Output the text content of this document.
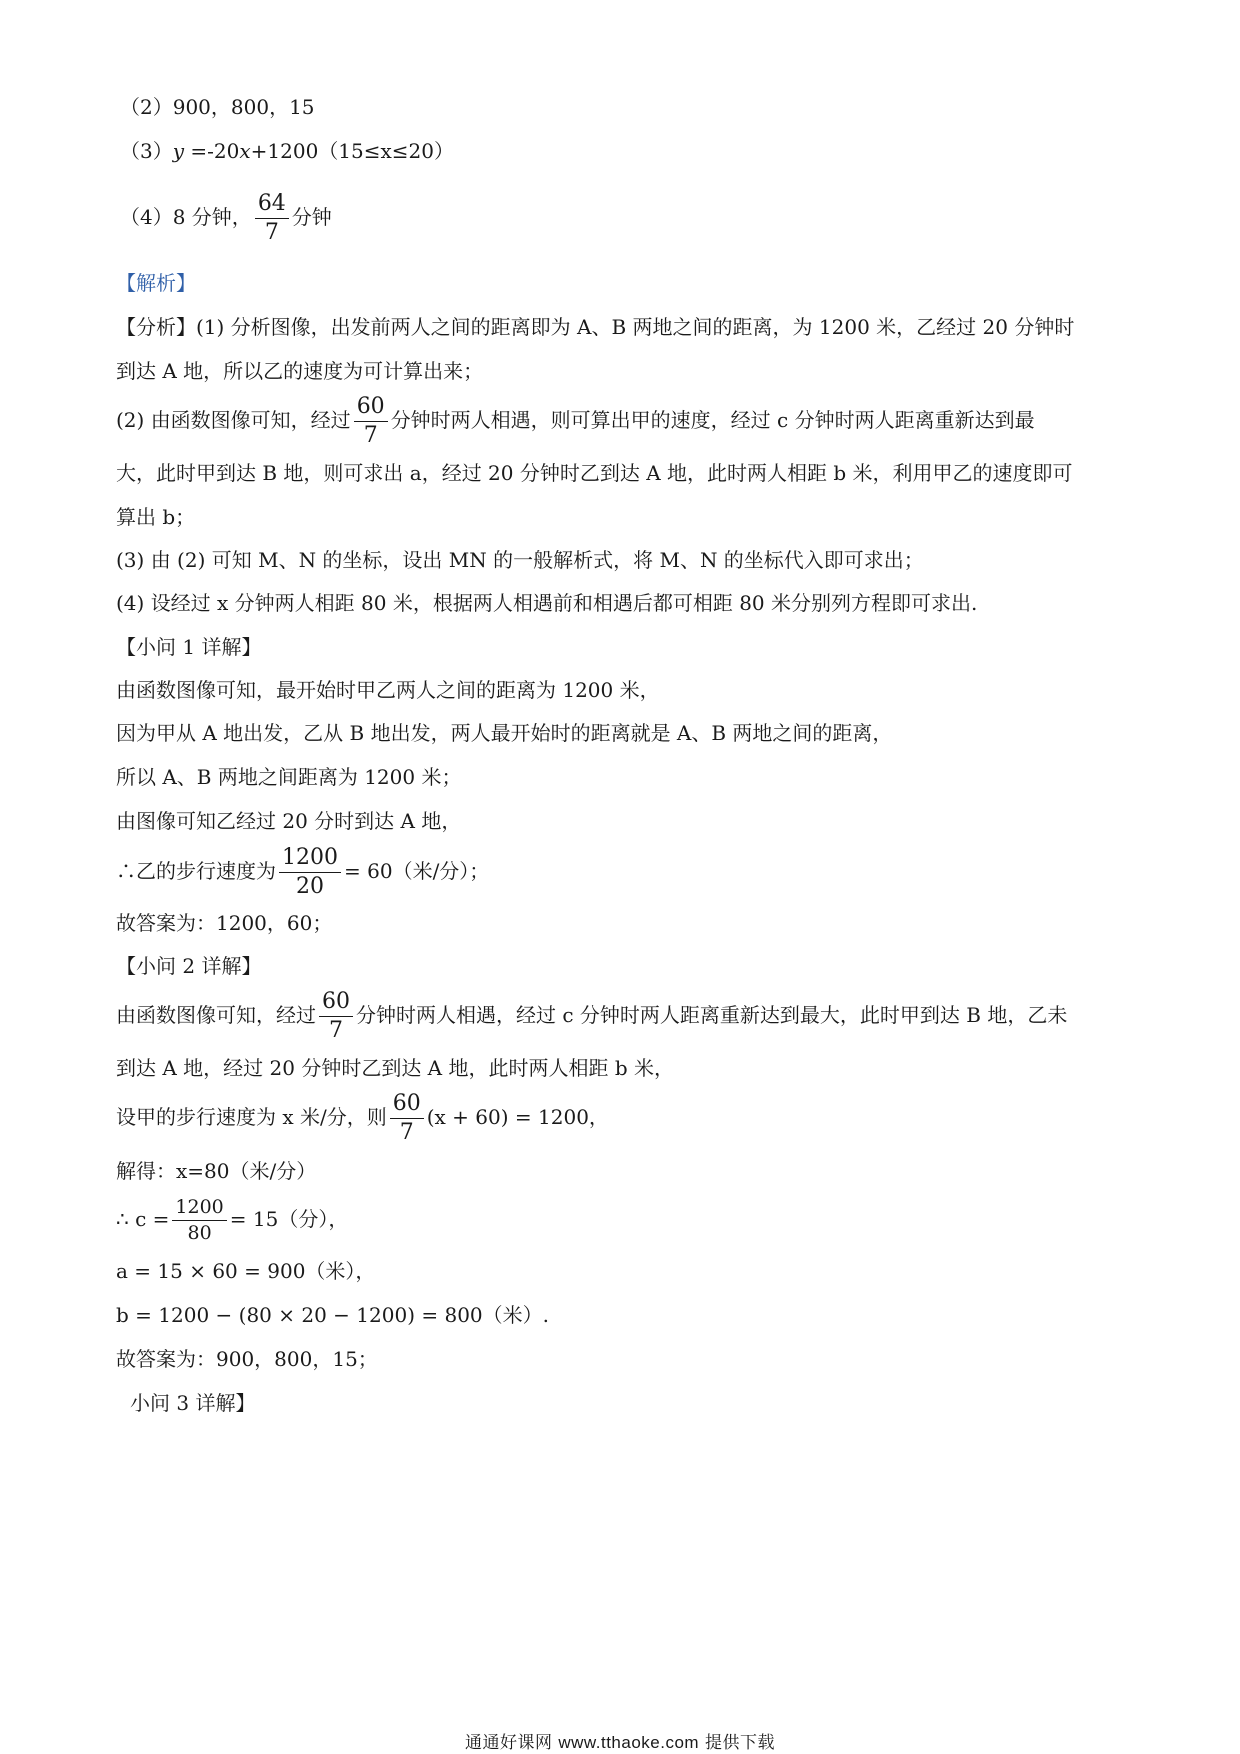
（2）900，800，15
（3）y =-20x+1200（15≤x≤20）
（4）8 分钟， $\frac{64}{7}$ 分钟
【解析】
【分析】(1) 分析图像，出发前两人之间的距离即为 A、B 两地之间的距离，为 1200 米，乙经过 20 分钟时
到达 A 地，所以乙的速度为可计算出来；
(2) 由函数图像可知，经过 $\frac{60}{7}$ 分钟时两人相遇，则可算出甲的速度，经过 c 分钟时两人距离重新达到最
大，此时甲到达 B 地，则可求出 a，经过 20 分钟时乙到达 A 地，此时两人相距 b 米，利用甲乙的速度即可
算出 b；
(3) 由 (2) 可知 M、N 的坐标，设出 MN 的一般解析式，将 M、N 的坐标代入即可求出；
(4) 设经过 x 分钟两人相距 80 米，根据两人相遇前和相遇后都可相距 80 米分别列方程即可求出.
【小问 1 详解】
由函数图像可知，最开始时甲乙两人之间的距离为 1200 米，
因为甲从 A 地出发，乙从 B 地出发，两人最开始时的距离就是 A、B 两地之间的距离，
所以 A、B 两地之间距离为 1200 米；
由图像可知乙经过 20 分时到达 A 地，
∴乙的步行速度为 $\frac{1200}{20} = 60$（米/分）；
故答案为：1200，60；
【小问 2 详解】
由函数图像可知，经过 $\frac{60}{7}$ 分钟时两人相遇，经过 c 分钟时两人距离重新达到最大，此时甲到达 B 地，乙未
到达 A 地，经过 20 分钟时乙到达 A 地，此时两人相距 b 米，
设甲的步行速度为 x 米/分，则 $\frac{60}{7} (x + 60) = 1200$，
解得：x=80（米/分）
∴ $c = \frac{1200}{80} = 15$（分），
a = 15 × 60 = 900（米），
b = 1200 − (80 × 20 − 1200) = 800（米）.
故答案为：900，800，15；
小问 3 详解】
通通好课网 www.tthaoke.com 提供下载
